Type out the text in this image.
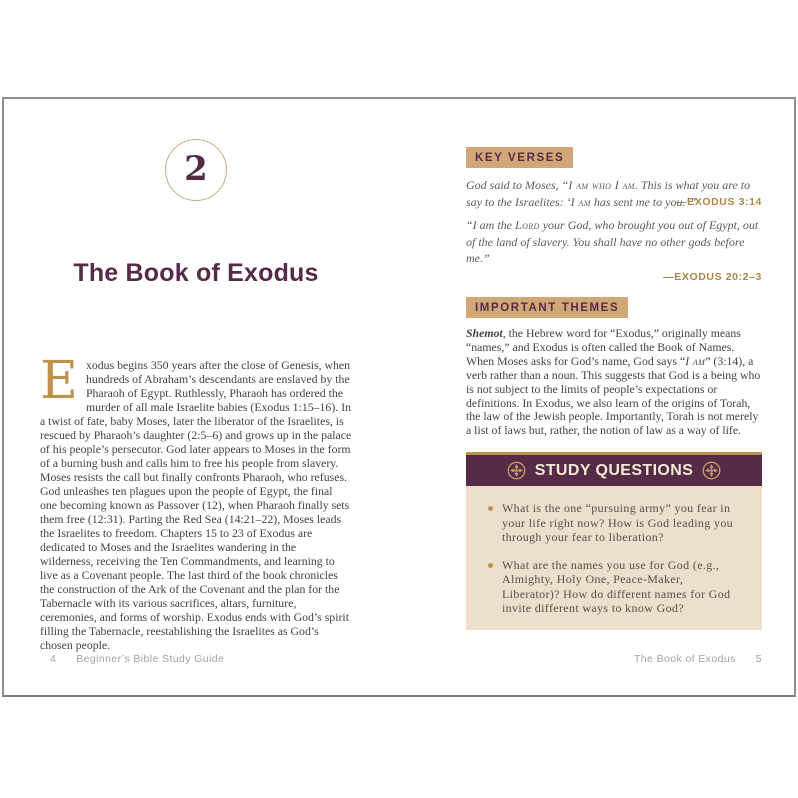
2
The Book of Exodus

Exodus begins 350 years after the close of Genesis, when hundreds of Abraham’s descendants are enslaved by the Pharaoh of Egypt. Ruthlessly, Pharaoh has ordered the murder of all male Israelite babies (Exodus 1:15–16). In a twist of fate, baby Moses, later the liberator of the Israelites, is rescued by Pharaoh’s daughter (2:5–6) and grows up in the palace of his people’s persecutor. God later appears to Moses in the form of a burning bush and calls him to free his people from slavery. Moses resists the call but finally confronts Pharaoh, who refuses. God unleashes ten plagues upon the people of Egypt, the final one becoming known as Passover (12), when Pharaoh finally sets them free (12:31). Parting the Red Sea (14:21–22), Moses leads the Israelites to freedom. Chapters 15 to 23 of Exodus are dedicated to Moses and the Israelites wandering in the wilderness, receiving the Ten Commandments, and learning to live as a Covenant people. The last third of the book chronicles the construction of the Ark of the Covenant and the plan for the Tabernacle with its various sacrifices, altars, furniture, ceremonies, and forms of worship. Exodus ends with God’s spirit filling the Tabernacle, reestablishing the Israelites as God’s chosen people.

4 Beginner’s Bible Study Guide
KEY VERSES
God said to Moses, “I am who I am. This is what you are to say to the Israelites: ‘I am has sent me to you.’”
—EXODUS 3:14
“I am the Lord your God, who brought you out of Egypt, out of the land of slavery. You shall have no other gods before me.”
—EXODUS 20:2–3
IMPORTANT THEMES

Shemot, the Hebrew word for “Exodus,” originally means “names,” and Exodus is often called the Book of Names. When Moses asks for God’s name, God says “I am” (3:14), a verb rather than a noun. This suggests that God is a being who is not subject to the limits of people’s expectations or definitions. In Exodus, we also learn of the origins of Torah, the law of the Jewish people. Importantly, Torah is not merely a list of laws but, rather, the notion of law as a way of life.

STUDY QUESTIONS
What is the one “pursuing army” you fear in your life right now? How is God leading you through your fear to liberation?
What are the names you use for God (e.g., Almighty, Holy One, Peace-Maker, Liberator)? How do different names for God invite different ways to know God?
The Book of Exodus 5
